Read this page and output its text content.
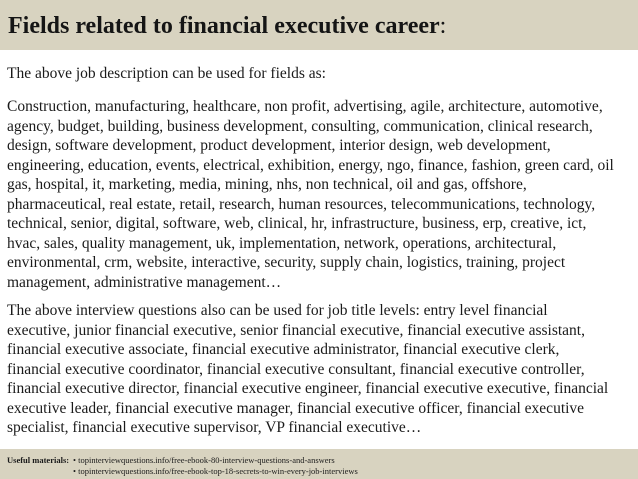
Fields related to financial executive career:

The above job description can be used for fields as:

Construction, manufacturing, healthcare, non profit, advertising, agile, architecture, automotive,
agency, budget, building, business development, consulting, communication, clinical research,
design, software development, product development, interior design, web development,
engineering, education, events, electrical, exhibition, energy, ngo, finance, fashion, green card, oil
gas, hospital, it, marketing, media, mining, nhs, non technical, oil and gas, offshore,
pharmaceutical, real estate, retail, research, human resources, telecommunications, technology,
technical, senior, digital, software, web, clinical, hr, infrastructure, business, erp, creative, ict,
hvac, sales, quality management, uk, implementation, network, operations, architectural,
environmental, crm, website, interactive, security, supply chain, logistics, training, project
management, administrative management…
The above interview questions also can be used for job title levels: entry level financial
executive, junior financial executive, senior financial executive, financial executive assistant,
financial executive associate, financial executive administrator, financial executive clerk,
financial executive coordinator, financial executive consultant, financial executive controller,
financial executive director, financial executive engineer, financial executive executive, financial
executive leader, financial executive manager, financial executive officer, financial executive
specialist, financial executive supervisor, VP financial executive…
Useful materials: • topinterviewquestions.info/free-ebook-80-interview-questions-and-answers
• topinterviewquestions.info/free-ebook-top-18-secrets-to-win-every-job-interviews
